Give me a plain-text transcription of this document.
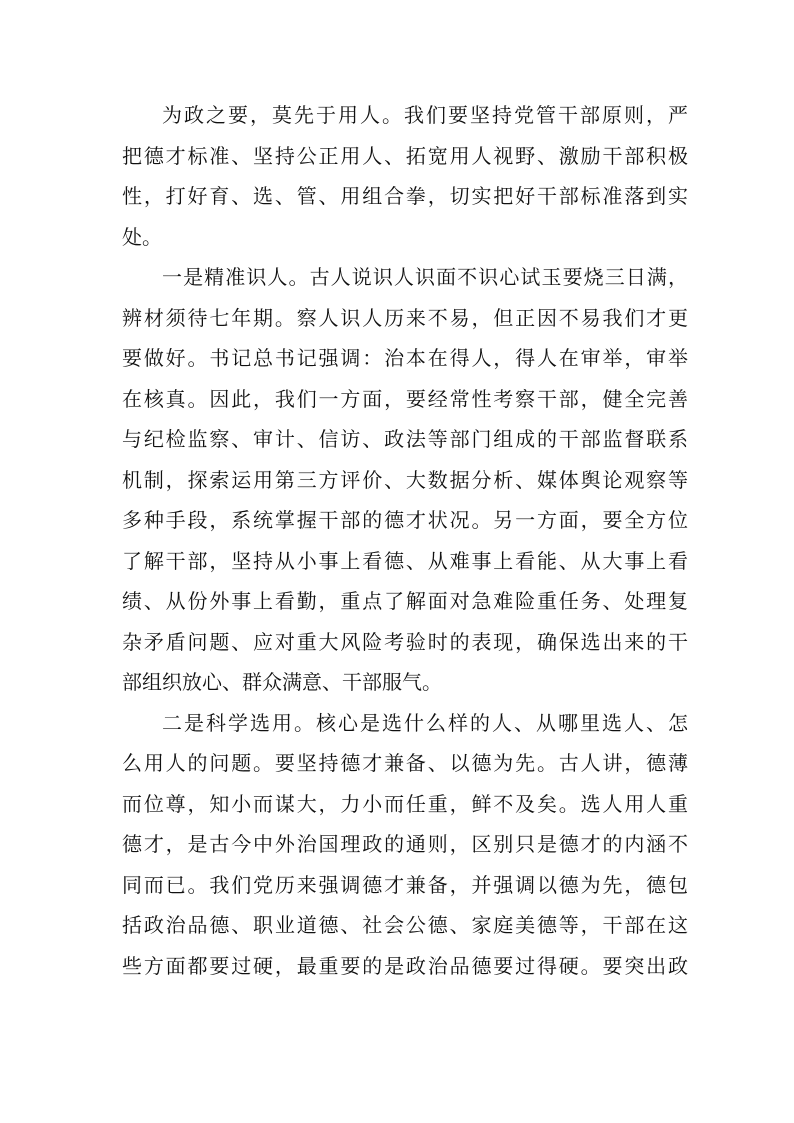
为政之要，莫先于用人。我们要坚持党管干部原则，严
把德才标准、坚持公正用人、拓宽用人视野、激励干部积极
性，打好育、选、管、用组合拳，切实把好干部标准落到实
处。
一是精准识人。古人说识人识面不识心试玉要烧三日满，
辨材须待七年期。察人识人历来不易，但正因不易我们才更
要做好。书记总书记强调：治本在得人，得人在审举，审举
在核真。因此，我们一方面，要经常性考察干部，健全完善
与纪检监察、审计、信访、政法等部门组成的干部监督联系
机制，探索运用第三方评价、大数据分析、媒体舆论观察等
多种手段，系统掌握干部的德才状况。另一方面，要全方位
了解干部，坚持从小事上看德、从难事上看能、从大事上看
绩、从份外事上看勤，重点了解面对急难险重任务、处理复
杂矛盾问题、应对重大风险考验时的表现，确保选出来的干
部组织放心、群众满意、干部服气。
二是科学选用。核心是选什么样的人、从哪里选人、怎
么用人的问题。要坚持德才兼备、以德为先。古人讲，德薄
而位尊，知小而谋大，力小而任重，鲜不及矣。选人用人重
德才，是古今中外治国理政的通则，区别只是德才的内涵不
同而已。我们党历来强调德才兼备，并强调以德为先，德包
括政治品德、职业道德、社会公德、家庭美德等，干部在这
些方面都要过硬，最重要的是政治品德要过得硬。要突出政
